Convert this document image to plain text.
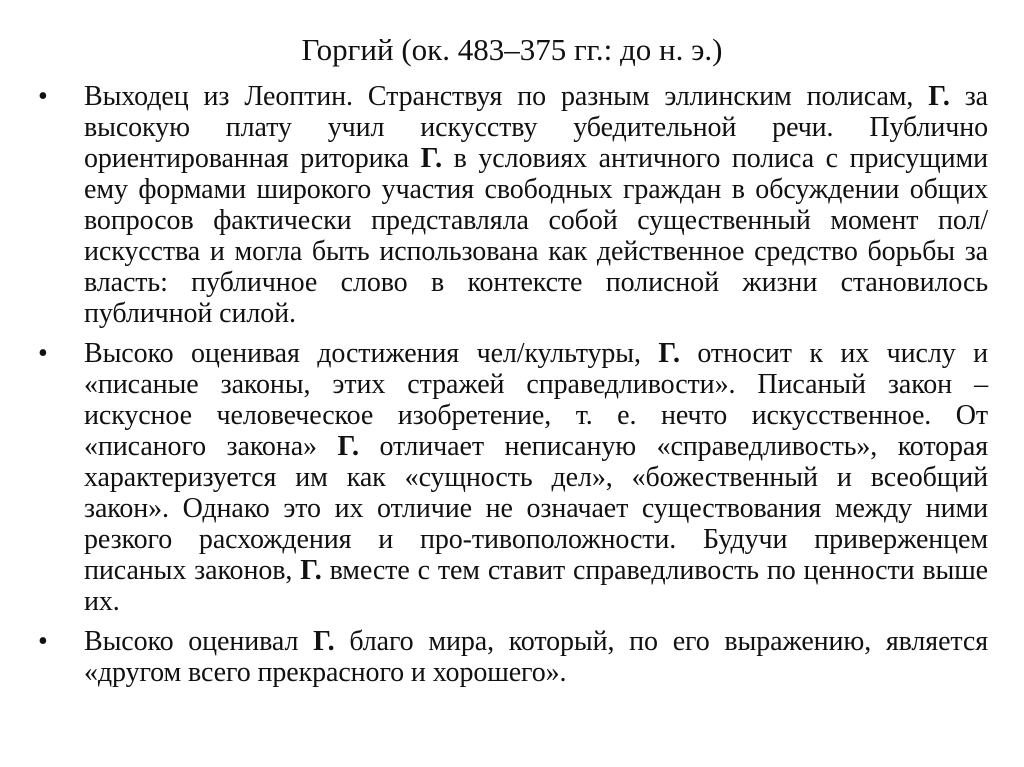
Горгий (ок. 483–375 гг.: до н. э.)
• Выходец из Леоптин. Странствуя по разным эллинским полисам, Г. за высокую плату учил искусству убедительной речи. Публично ориентированная риторика Г. в условиях античного полиса с присущими ему формами широкого участия свободных граждан в обсуждении общих вопросов фактически представляла собой существенный момент пол/искусства и могла быть использована как действенное средство борьбы за власть: публичное слово в контексте полисной жизни становилось публичной силой.
• Высоко оценивая достижения чел/культуры, Г. относит к их числу и «писаные законы, этих стражей справедливости». Писаный закон – искусное человеческое изобретение, т. е. нечто искусственное. От «писаного закона» Г. отличает неписаную «справедливость», которая характеризуется им как «сущность дел», «божественный и всеобщий закон». Однако это их отличие не означает существования между ними резкого расхождения и про-тивоположности. Будучи приверженцем писаных законов, Г. вместе с тем ставит справедливость по ценности выше их.
• Высоко оценивал Г. благо мира, который, по его выражению, является «другом всего прекрасного и хорошего».
